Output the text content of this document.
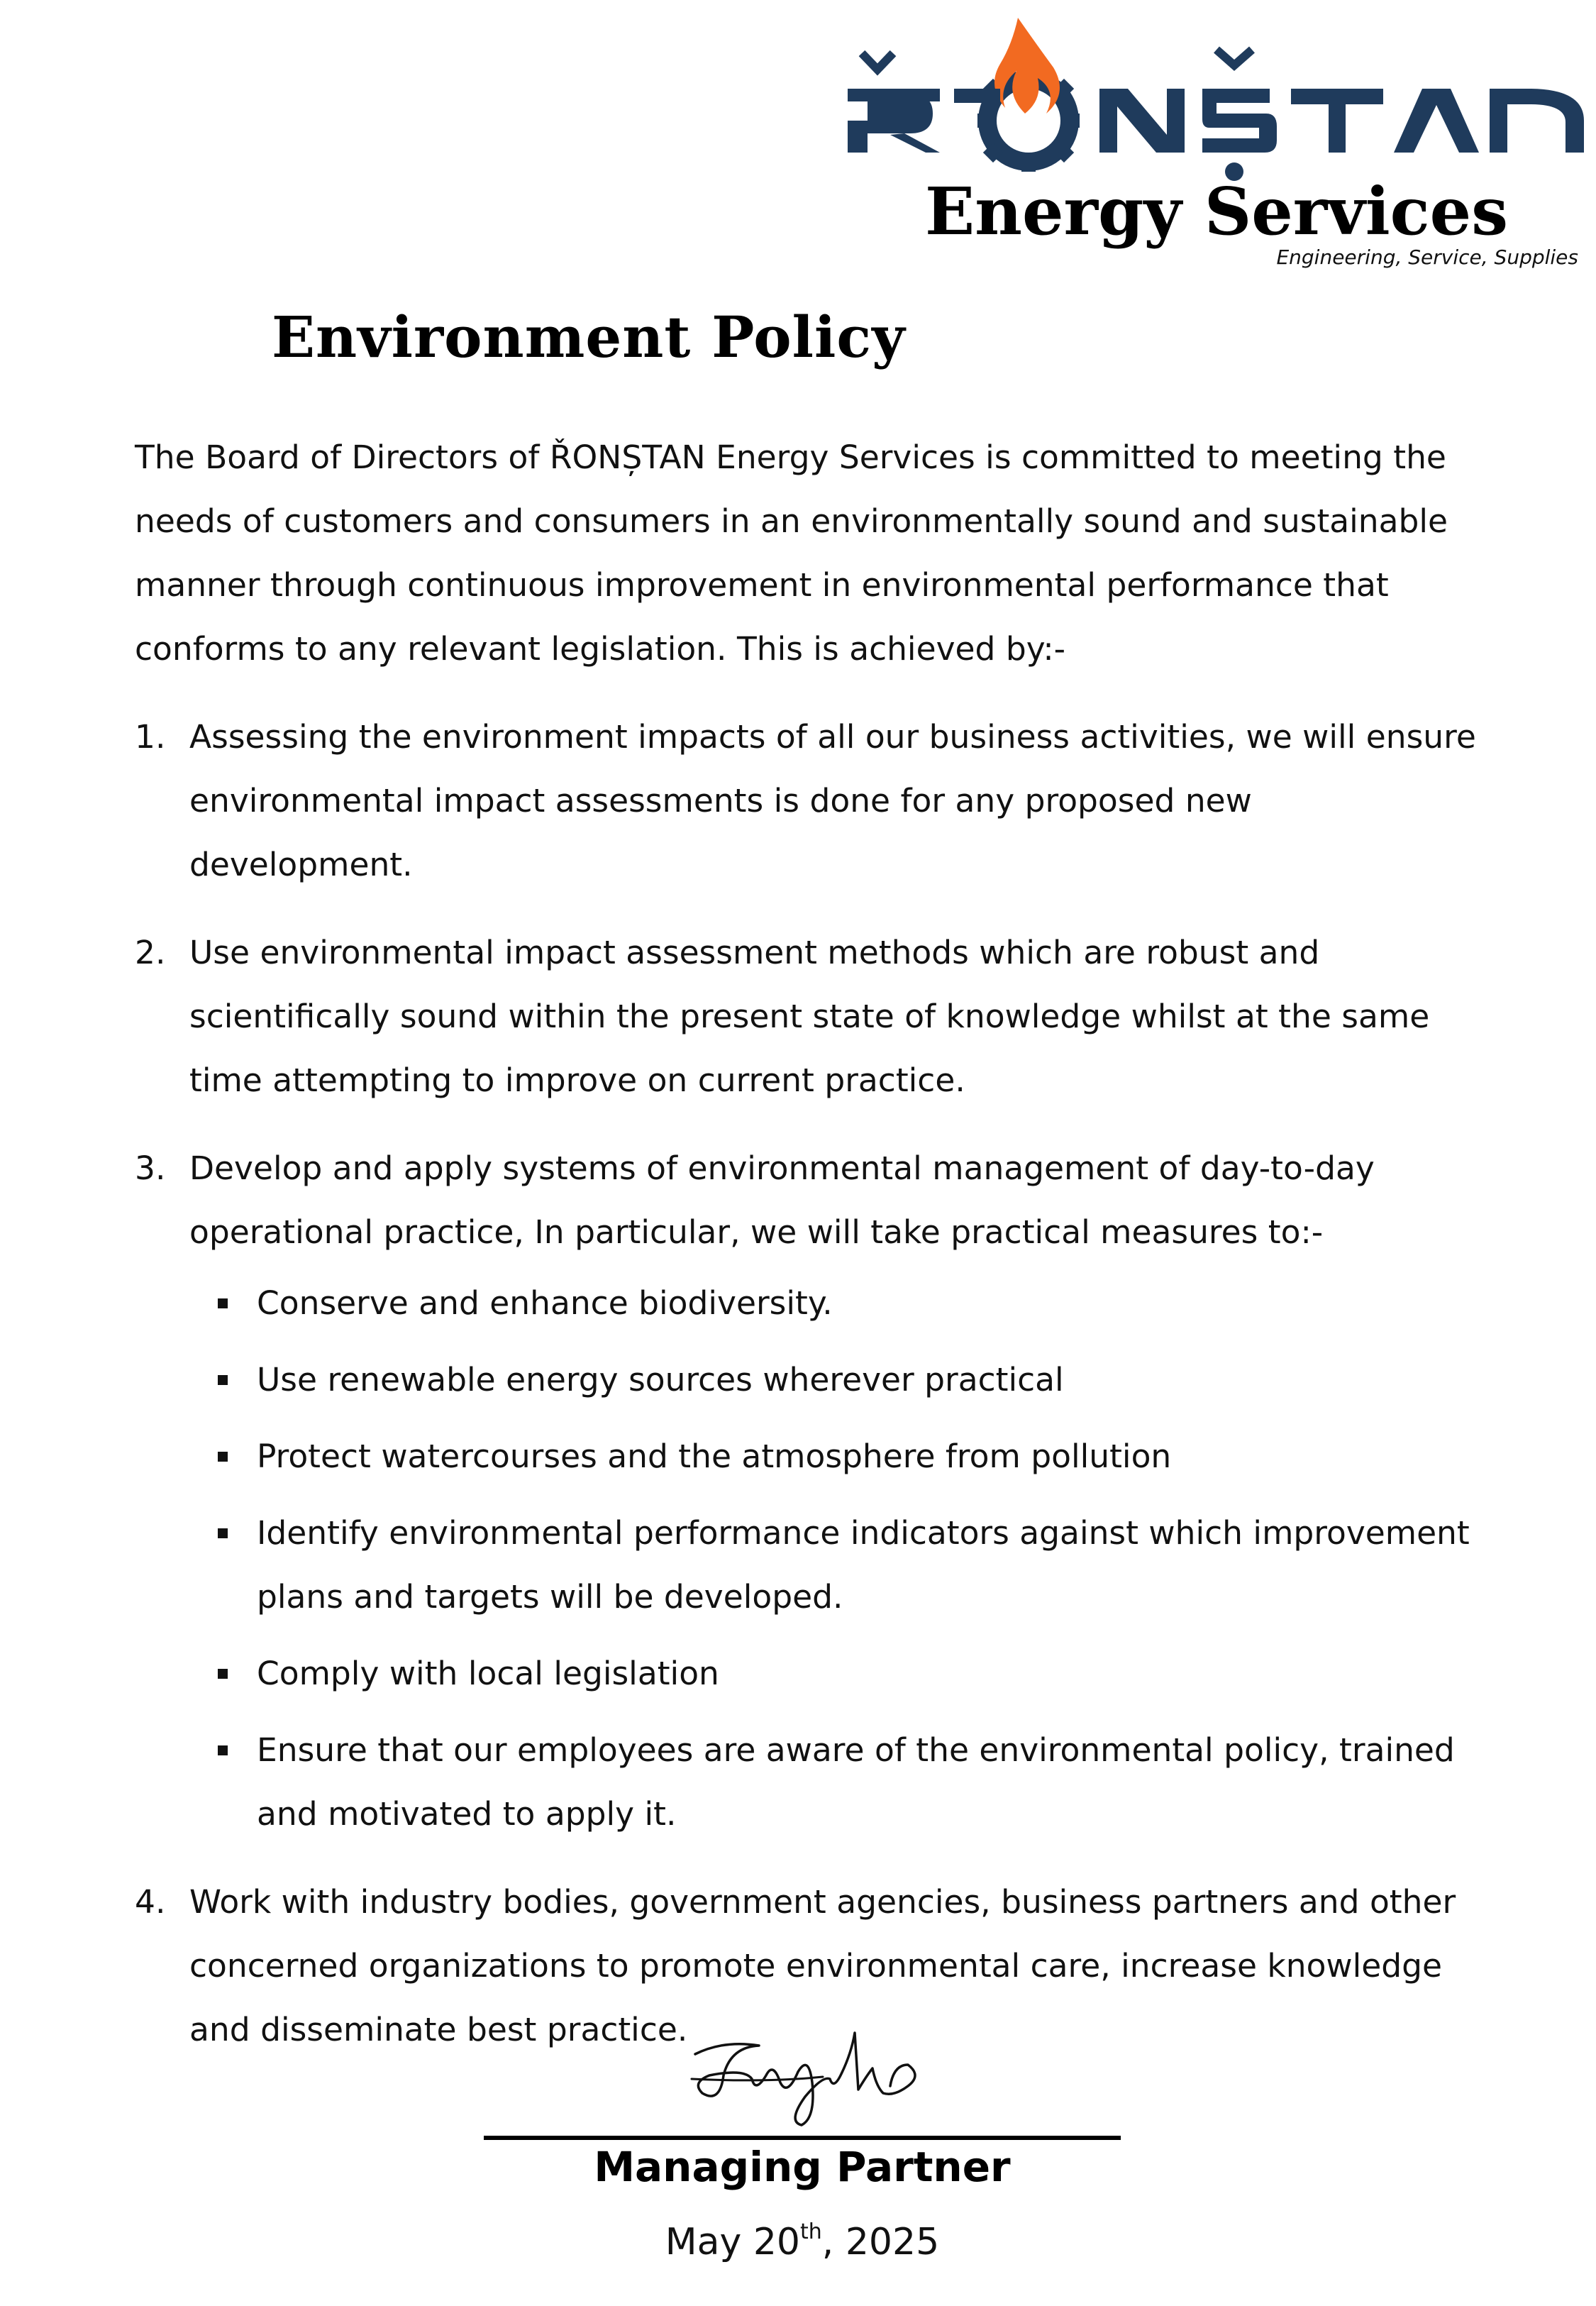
Energy Services
Engineering, Service, Supplies
Environment Policy

The Board of Directors of ŘONȘTAN Energy Services is committed to meeting the needs of customers and consumers in an environmentally sound and sustainable manner through continuous improvement in environmental performance that conforms to any relevant legislation. This is achieved by:-

1. Assessing the environment impacts of all our business activities, we will ensure environmental impact assessments is done for any proposed new development.
2. Use environmental impact assessment methods which are robust and scientifically sound within the present state of knowledge whilst at the same time attempting to improve on current practice.
3. Develop and apply systems of environmental management of day-to-day operational practice, In particular, we will take practical measures to:-
Conserve and enhance biodiversity.
Use renewable energy sources wherever practical
Protect watercourses and the atmosphere from pollution
Identify environmental performance indicators against which improvement plans and targets will be developed.
Comply with local legislation
Ensure that our employees are aware of the environmental policy, trained and motivated to apply it.
4. Work with industry bodies, government agencies, business partners and other concerned organizations to promote environmental care, increase knowledge and disseminate best practice.
Managing Partner
May 20th, 2025
